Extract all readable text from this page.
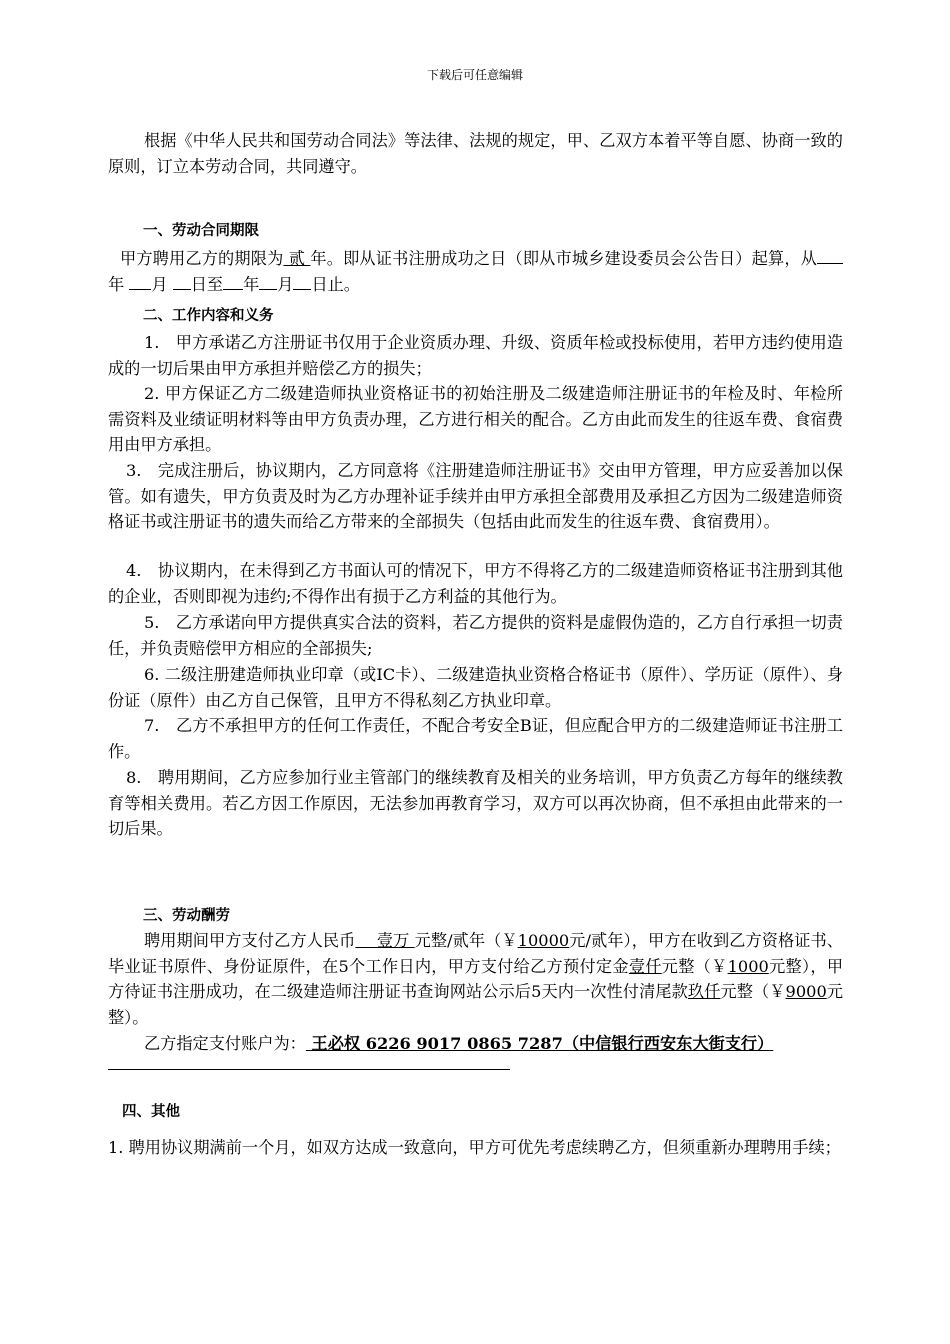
下载后可任意编辑
根据《中华人民共和国劳动合同法》等法律、法规的规定，甲、乙双方本着平等自愿、协商一致的原则，订立本劳动合同，共同遵守。
一、劳动合同期限
甲方聘用乙方的期限为 贰 年。即从证书注册成功之日（即从市城乡建设委员会公告日）起算，从年 月 日至 年 月 日止。
二、工作内容和义务
1.　甲方承诺乙方注册证书仅用于企业资质办理、升级、资质年检或投标使用，若甲方违约使用造成的一切后果由甲方承担并赔偿乙方的损失；
2. 甲方保证乙方二级建造师执业资格证书的初始注册及二级建造师注册证书的年检及时、年检所需资料及业绩证明材料等由甲方负责办理，乙方进行相关的配合。乙方由此而发生的往返车费、食宿费用由甲方承担。
3.　完成注册后，协议期内，乙方同意将《注册建造师注册证书》交由甲方管理，甲方应妥善加以保管。如有遗失，甲方负责及时为乙方办理补证手续并由甲方承担全部费用及承担乙方因为二级建造师资格证书或注册证书的遗失而给乙方带来的全部损失（包括由此而发生的往返车费、食宿费用）。
4.　协议期内，在未得到乙方书面认可的情况下，甲方不得将乙方的二级建造师资格证书注册到其他的企业，否则即视为违约;不得作出有损于乙方利益的其他行为。
5.　乙方承诺向甲方提供真实合法的资料，若乙方提供的资料是虚假伪造的，乙方自行承担一切责任，并负责赔偿甲方相应的全部损失;
6. 二级注册建造师执业印章（或IC卡）、二级建造执业资格合格证书（原件）、学历证（原件）、身份证（原件）由乙方自己保管，且甲方不得私刻乙方执业印章。
7.　乙方不承担甲方的任何工作责任，不配合考安全B证，但应配合甲方的二级建造师证书注册工作。
8.　聘用期间，乙方应参加行业主管部门的继续教育及相关的业务培训，甲方负责乙方每年的继续教育等相关费用。若乙方因工作原因，无法参加再教育学习，双方可以再次协商，但不承担由此带来的一切后果。
三、劳动酬劳
聘用期间甲方支付乙方人民币　 壹万 元整/贰年（￥10000元/贰年），甲方在收到乙方资格证书、毕业证书原件、身份证原件，在5个工作日内，甲方支付给乙方预付定金壹仟元整（￥1000元整），甲方待证书注册成功，在二级建造师注册证书查询网站公示后5天内一次性付清尾款玖仟元整（￥9000元整）。
乙方指定支付账户为： 王必权 6226 9017 0865 7287（中信银行西安东大街支行）
四、其他
1. 聘用协议期满前一个月，如双方达成一致意向，甲方可优先考虑续聘乙方，但须重新办理聘用手续；
